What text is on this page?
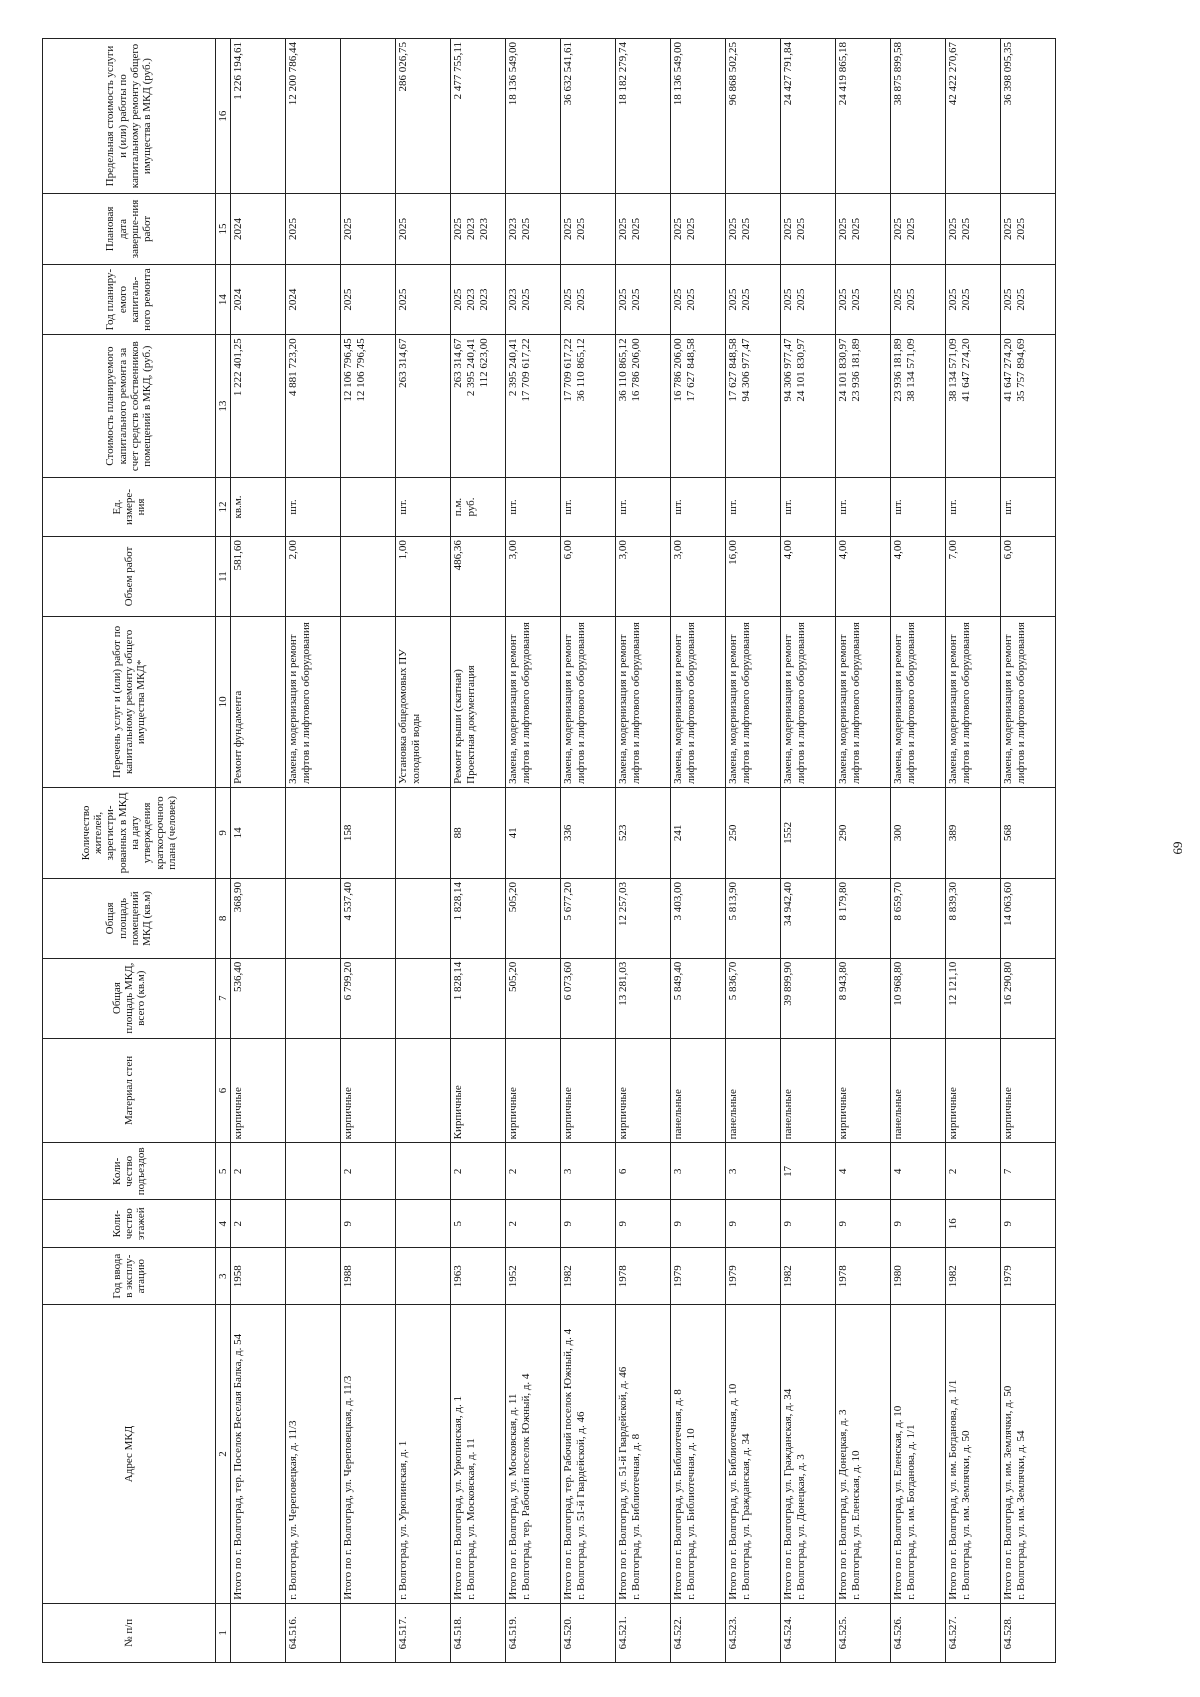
69
№ п/п	Адрес МКД	Год ввода в эксплу-атацию	Коли-чество этажей	Коли-чество подъездов	Материал стен	Общая площадь МКД, всего (кв.м)	Общая площадь помещений МКД (кв.м)	Количество жителей, зарегистри-рованных в МКД на дату утверждения краткосрочного плана (человек)	Перечень услуг и (или) работ по капитальному ремонту общего имущества МКД*	Объем работ	Ед. измере-ния	Стоимость планируемого капитального ремонта за счет средств собственников помещений в МКД, (руб.)	Год планиру-емого капиталь-ного ремонта	Плановая дата заверше-ния работ	Предельная стоимость услуги и (или) работы по капитальному ремонту общего имущества в МКД (руб.)
1	2	3	4	5	6	7	8	9	10	11	12	13	14	15	16

	Итого по г. Волгоград, тер. Поселок Веселая Балка, д. 54	1958	2	2	кирпичные	536,40	368,90	14	Ремонт фундамента	581,60	кв.м.	1 222 401,25	2024	2024	1 226 194,61

64.516.	г. Волгоград, ул. Череповецкая, д. 11/3								Замена, модернизация и ремонт лифтов и лифтового оборудования	2,00	шт.	4 881 723,20	2024	2025	12 200 786,44

	Итого по г. Волгоград, ул. Череповецкая, д. 11/3	1988	9	2	кирпичные	6 799,20	4 537,40	158				12 106 796,45 12 106 796,45	2025	2025	

64.517.	г. Волгоград, ул. Урюпинская, д. 1								Установка общедомовых ПУ холодной воды	1,00	шт.	263 314,67	2025	2025	286 026,75

64.518.	Итого по г. Волгоград, ул. Урюпинская, д. 1 г. Волгоград, ул. Московская, д. 11	1963	5	2	Кирпичные	1 828,14	1 828,14	88	Ремонт крыши (скатная) Проектная документация	486,36	п.м. руб.	263 314,67 2 395 240,41 112 623,00	2025 2023 2023	2025 2023 2023	2 477 755,11

64.519.	Итого по г. Волгоград, ул. Московская, д. 11 г. Волгоград, тер. Рабочий поселок Южный, д. 4	1952	2	2	кирпичные	505,20	505,20	41	Замена, модернизация и ремонт лифтов и лифтового оборудования	3,00	шт.	2 395 240,41 17 709 617,22	2023 2025	2023 2025	18 136 549,00

64.520.	Итого по г. Волгоград, тер. Рабочий поселок Южный, д. 4 г. Волгоград, ул. 51-й Гвардейской, д. 46	1982	9	3	кирпичные	6 073,60	5 677,20	336	Замена, модернизация и ремонт лифтов и лифтового оборудования	6,00	шт.	17 709 617,22 36 110 865,12	2025 2025	2025 2025	36 632 541,61

64.521.	Итого по г. Волгоград, ул. 51-й Гвардейской, д. 46 г. Волгоград, ул. Библиотечная, д. 8	1978	9	6	кирпичные	13 281,03	12 257,03	523	Замена, модернизация и ремонт лифтов и лифтового оборудования	3,00	шт.	36 110 865,12 16 786 206,00	2025 2025	2025 2025	18 182 279,74

64.522.	Итого по г. Волгоград, ул. Библиотечная, д. 8 г. Волгоград, ул. Библиотечная, д. 10	1979	9	3	панельные	5 849,40	3 403,00	241	Замена, модернизация и ремонт лифтов и лифтового оборудования	3,00	шт.	16 786 206,00 17 627 848,58	2025 2025	2025 2025	18 136 549,00

64.523.	Итого по г. Волгоград, ул. Библиотечная, д. 10 г. Волгоград, ул. Гражданская, д. 34	1979	9	3	панельные	5 836,70	5 813,90	250	Замена, модернизация и ремонт лифтов и лифтового оборудования	16,00	шт.	17 627 848,58 94 306 977,47	2025 2025	2025 2025	96 868 502,25

64.524.	Итого по г. Волгоград, ул. Гражданская, д. 34 г. Волгоград, ул. Донецкая, д. 3	1982	9	17	панельные	39 899,90	34 942,40	1552	Замена, модернизация и ремонт лифтов и лифтового оборудования	4,00	шт.	94 306 977,47 24 101 830,97	2025 2025	2025 2025	24 427 791,84

64.525.	Итого по г. Волгоград, ул. Донецкая, д. 3 г. Волгоград, ул. Еленская, д. 10	1978	9	4	кирпичные	8 943,80	8 179,80	290	Замена, модернизация и ремонт лифтов и лифтового оборудования	4,00	шт.	24 101 830,97 23 936 181,89	2025 2025	2025 2025	24 419 865,18

64.526.	Итого по г. Волгоград, ул. Еленская, д. 10 г. Волгоград, ул. им. Богданова, д. 1/1	1980	9	4	панельные	10 968,80	8 659,70	300	Замена, модернизация и ремонт лифтов и лифтового оборудования	4,00	шт.	23 936 181,89 38 134 571,09	2025 2025	2025 2025	38 875 899,58

64.527.	Итого по г. Волгоград, ул. им. Богданова, д. 1/1 г. Волгоград, ул. им. Землячки, д. 50	1982	16	2	кирпичные	12 121,10	8 839,30	389	Замена, модернизация и ремонт лифтов и лифтового оборудования	7,00	шт.	38 134 571,09 41 647 274,20	2025 2025	2025 2025	42 422 270,67

64.528.	Итого по г. Волгоград, ул. им. Землячки, д. 50 г. Волгоград, ул. им. Землячки, д. 54	1979	9	7	кирпичные	16 290,80	14 063,60	568	Замена, модернизация и ремонт лифтов и лифтового оборудования	6,00	шт.	41 647 274,20 35 757 894,69	2025 2025	2025 2025	36 398 095,35
